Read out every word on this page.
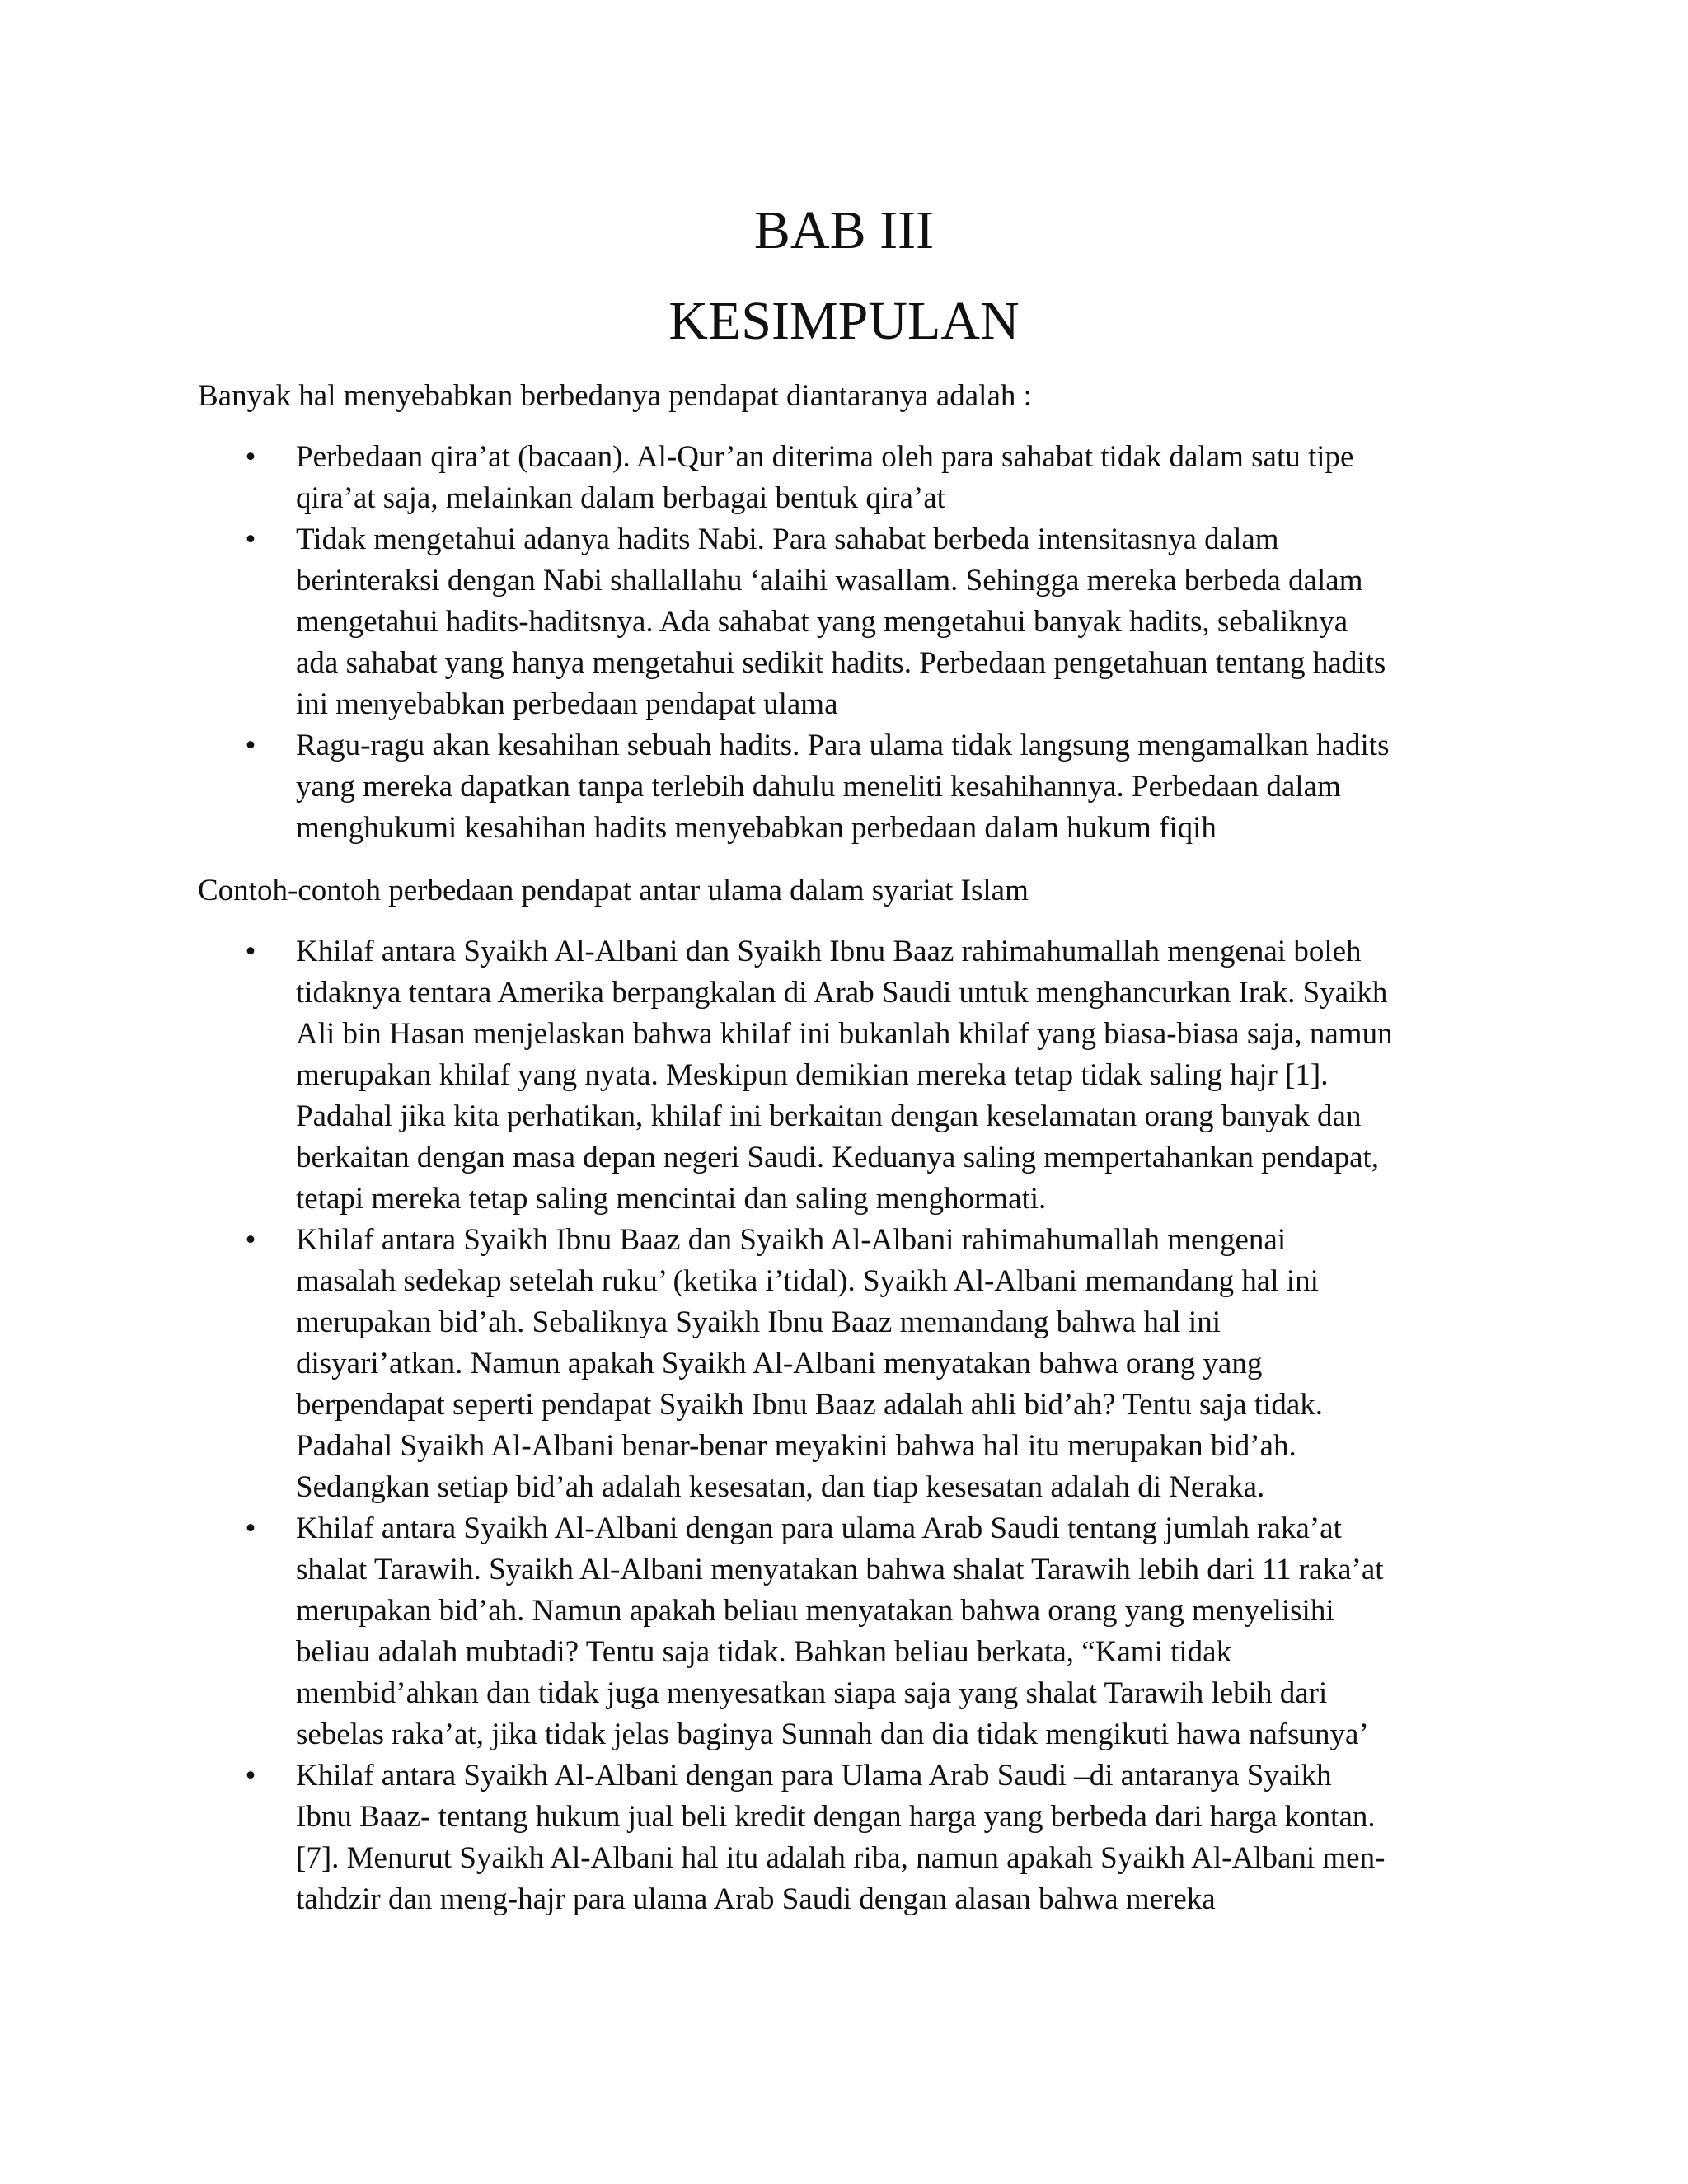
BAB III
KESIMPULAN

Banyak hal menyebabkan berbedanya pendapat diantaranya adalah :

• Perbedaan qira’at (bacaan). Al-Qur’an diterima oleh para sahabat tidak dalam satu tipe
qira’at saja, melainkan dalam berbagai bentuk qira’at
• Tidak mengetahui adanya hadits Nabi. Para sahabat berbeda intensitasnya dalam
berinteraksi dengan Nabi shallallahu ‘alaihi wasallam. Sehingga mereka berbeda dalam
mengetahui hadits-haditsnya. Ada sahabat yang mengetahui banyak hadits, sebaliknya
ada sahabat yang hanya mengetahui sedikit hadits. Perbedaan pengetahuan tentang hadits
ini menyebabkan perbedaan pendapat ulama
• Ragu-ragu akan kesahihan sebuah hadits. Para ulama tidak langsung mengamalkan hadits
yang mereka dapatkan tanpa terlebih dahulu meneliti kesahihannya. Perbedaan dalam
menghukumi kesahihan hadits menyebabkan perbedaan dalam hukum fiqih

Contoh-contoh perbedaan pendapat antar ulama dalam syariat Islam

• Khilaf antara Syaikh Al-Albani dan Syaikh Ibnu Baaz rahimahumallah mengenai boleh
tidaknya tentara Amerika berpangkalan di Arab Saudi untuk menghancurkan Irak. Syaikh
Ali bin Hasan menjelaskan bahwa khilaf ini bukanlah khilaf yang biasa-biasa saja, namun
merupakan khilaf yang nyata. Meskipun demikian mereka tetap tidak saling hajr [1].
Padahal jika kita perhatikan, khilaf ini berkaitan dengan keselamatan orang banyak dan
berkaitan dengan masa depan negeri Saudi. Keduanya saling mempertahankan pendapat,
tetapi mereka tetap saling mencintai dan saling menghormati.
• Khilaf antara Syaikh Ibnu Baaz dan Syaikh Al-Albani rahimahumallah mengenai
masalah sedekap setelah ruku’ (ketika i’tidal). Syaikh Al-Albani memandang hal ini
merupakan bid’ah. Sebaliknya Syaikh Ibnu Baaz memandang bahwa hal ini
disyari’atkan. Namun apakah Syaikh Al-Albani menyatakan bahwa orang yang
berpendapat seperti pendapat Syaikh Ibnu Baaz adalah ahli bid’ah? Tentu saja tidak.
Padahal Syaikh Al-Albani benar-benar meyakini bahwa hal itu merupakan bid’ah.
Sedangkan setiap bid’ah adalah kesesatan, dan tiap kesesatan adalah di Neraka.
• Khilaf antara Syaikh Al-Albani dengan para ulama Arab Saudi tentang jumlah raka’at
shalat Tarawih. Syaikh Al-Albani menyatakan bahwa shalat Tarawih lebih dari 11 raka’at
merupakan bid’ah. Namun apakah beliau menyatakan bahwa orang yang menyelisihi
beliau adalah mubtadi? Tentu saja tidak. Bahkan beliau berkata, “Kami tidak
membid’ahkan dan tidak juga menyesatkan siapa saja yang shalat Tarawih lebih dari
sebelas raka’at, jika tidak jelas baginya Sunnah dan dia tidak mengikuti hawa nafsunya’
• Khilaf antara Syaikh Al-Albani dengan para Ulama Arab Saudi –di antaranya Syaikh
Ibnu Baaz- tentang hukum jual beli kredit dengan harga yang berbeda dari harga kontan.
[7]. Menurut Syaikh Al-Albani hal itu adalah riba, namun apakah Syaikh Al-Albani men-
tahdzir dan meng-hajr para ulama Arab Saudi dengan alasan bahwa mereka
